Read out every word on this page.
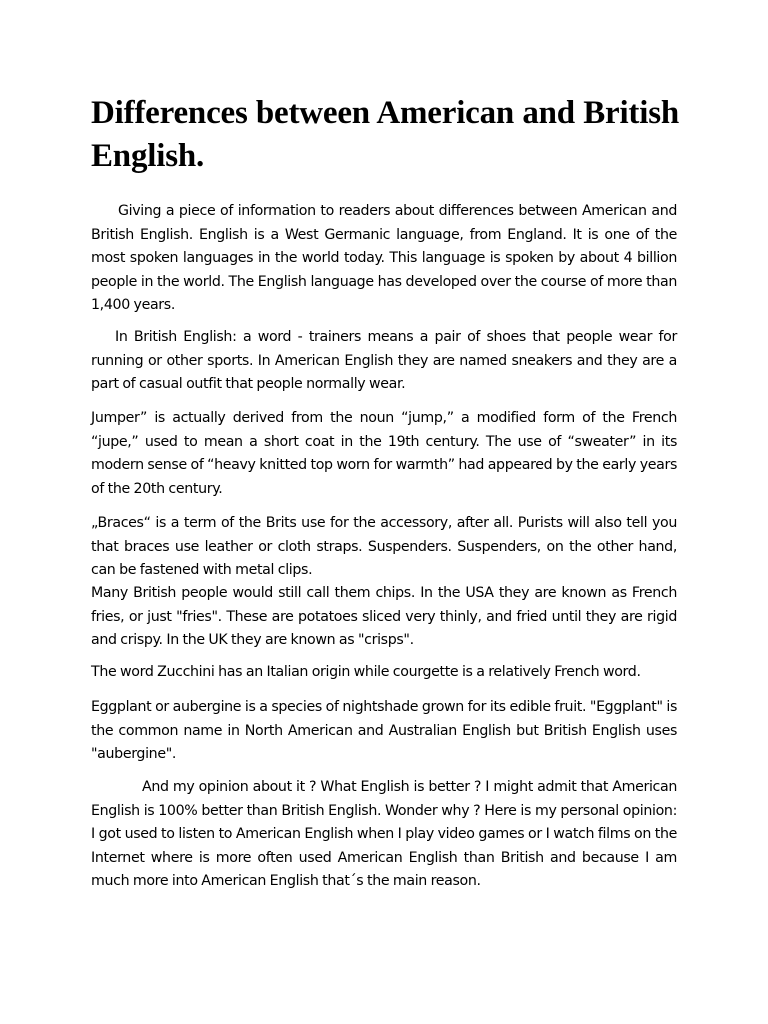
Differences between American and British English.

Giving a piece of information to readers about differences between American and British English. English is a West Germanic language, from England. It is one of the most spoken languages in the world today. This language is spoken by about 4 billion people in the world. The English language has developed over the course of more than 1,400 years.

In British English: a word - trainers means a pair of shoes that people wear for running or other sports. In American English they are named sneakers and they are a part of casual outfit that people normally wear.

Jumper” is actually derived from the noun “jump,” a modified form of the French “jupe,” used to mean a short coat in the 19th century. The use of “sweater” in its modern sense of “heavy knitted top worn for warmth” had appeared by the early years of the 20th century.

„Braces“ is a term of the Brits use for the accessory, after all. Purists will also tell you that braces use leather or cloth straps. Suspenders. Suspenders, on the other hand, can be fastened with metal clips.

Many British people would still call them chips. In the USA they are known as French fries, or just "fries". These are potatoes sliced very thinly, and fried until they are rigid and crispy. In the UK they are known as "crisps".

The word Zucchini has an Italian origin while courgette is a relatively French word.

Eggplant or aubergine is a species of nightshade grown for its edible fruit. "Eggplant" is the common name in North American and Australian English but British English uses "aubergine".

And my opinion about it ? What English is better ? I might admit that American English is 100% better than British English. Wonder why ? Here is my personal opinion: I got used to listen to American English when I play video games or I watch films on the Internet where is more often used American English than British and because I am much more into American English that´s the main reason.
